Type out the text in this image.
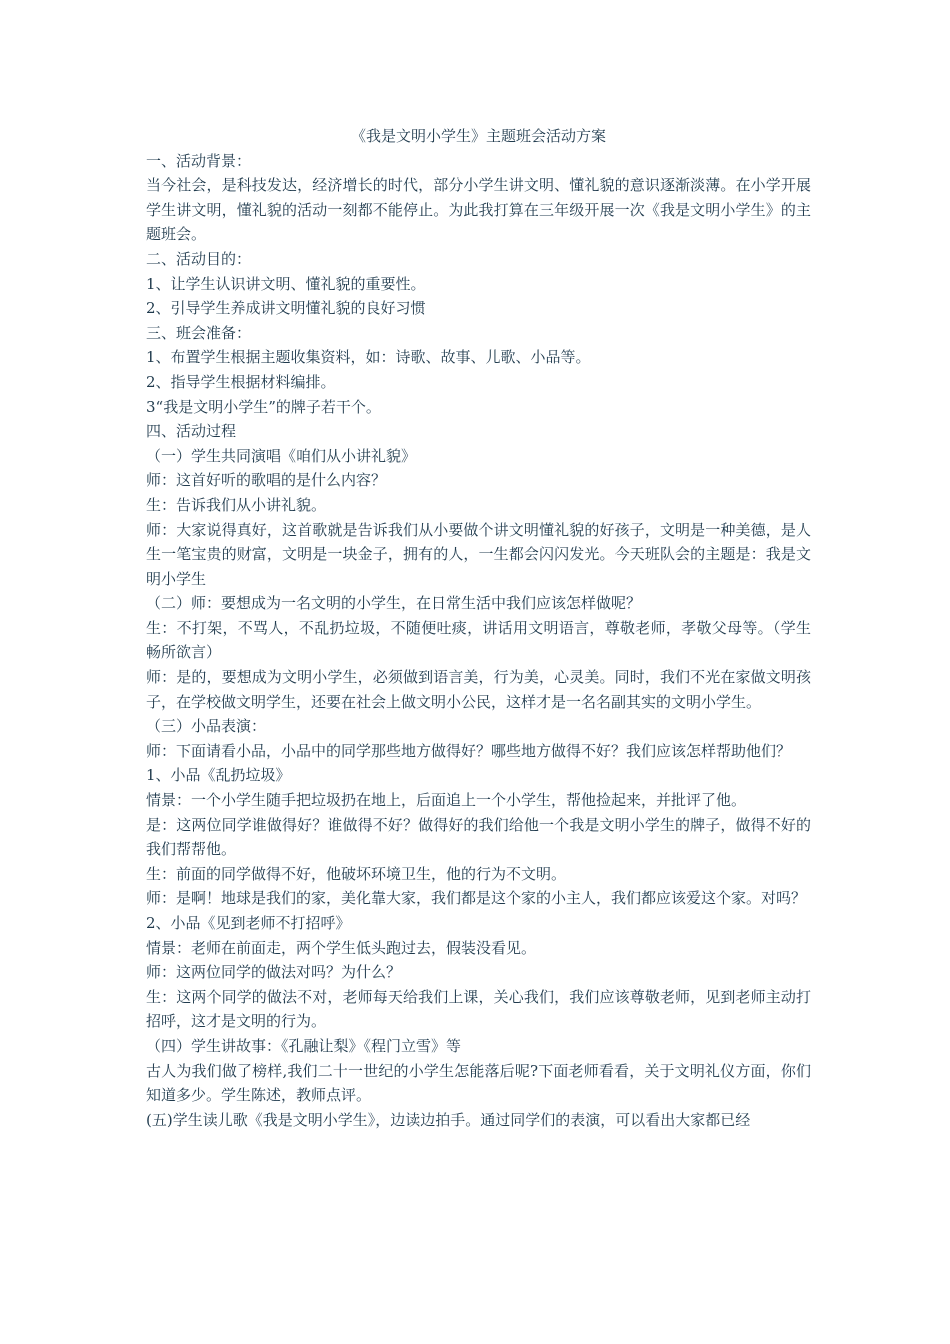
《我是文明小学生》主题班会活动方案

一、活动背景：

当今社会，是科技发达，经济增长的时代，部分小学生讲文明、懂礼貌的意识逐渐淡薄。在小学开展学生讲文明，懂礼貌的活动一刻都不能停止。为此我打算在三年级开展一次《我是文明小学生》的主题班会。

二、活动目的：

1、让学生认识讲文明、懂礼貌的重要性。

2、引导学生养成讲文明懂礼貌的良好习惯

三、班会准备：

1、布置学生根据主题收集资料，如：诗歌、故事、儿歌、小品等。

2、指导学生根据材料编排。

3“我是文明小学生”的牌子若干个。

四、活动过程

（一）学生共同演唱《咱们从小讲礼貌》

师：这首好听的歌唱的是什么内容？

生：告诉我们从小讲礼貌。

师：大家说得真好，这首歌就是告诉我们从小要做个讲文明懂礼貌的好孩子，文明是一种美德，是人生一笔宝贵的财富，文明是一块金子，拥有的人，一生都会闪闪发光。今天班队会的主题是：我是文明小学生

（二）师：要想成为一名文明的小学生，在日常生活中我们应该怎样做呢？

生：不打架，不骂人，不乱扔垃圾，不随便吐痰，讲话用文明语言，尊敬老师，孝敬父母等。（学生畅所欲言）

师：是的，要想成为文明小学生，必须做到语言美，行为美，心灵美。同时，我们不光在家做文明孩子，在学校做文明学生，还要在社会上做文明小公民，这样才是一名名副其实的文明小学生。

（三）小品表演：

师：下面请看小品，小品中的同学那些地方做得好？哪些地方做得不好？我们应该怎样帮助他们？

1、小品《乱扔垃圾》

情景：一个小学生随手把垃圾扔在地上，后面追上一个小学生，帮他捡起来，并批评了他。

是：这两位同学谁做得好？谁做得不好？做得好的我们给他一个我是文明小学生的牌子，做得不好的我们帮帮他。

生：前面的同学做得不好，他破坏环境卫生，他的行为不文明。

师：是啊！地球是我们的家，美化靠大家，我们都是这个家的小主人，我们都应该爱这个家。对吗？

2、小品《见到老师不打招呼》

情景：老师在前面走，两个学生低头跑过去，假装没看见。

师：这两位同学的做法对吗？为什么？

生：这两个同学的做法不对，老师每天给我们上课，关心我们，我们应该尊敬老师，见到老师主动打招呼，这才是文明的行为。

（四）学生讲故事：《孔融让梨》《程门立雪》等

古人为我们做了榜样,我们二十一世纪的小学生怎能落后呢?下面老师看看，关于文明礼仪方面，你们知道多少。学生陈述，教师点评。

(五)学生读儿歌《我是文明小学生》，边读边拍手。通过同学们的表演，可以看出大家都已经
